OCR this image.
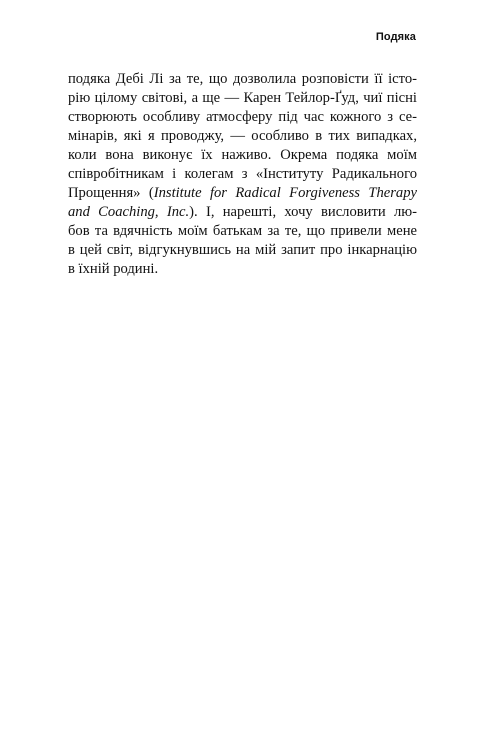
Подяка
подяка Дебі Лі за те, що дозволила розповісти її істо-
рію цілому світові, а ще — Карен Тейлор-Ґуд, чиї пісні
створюють особливу атмосферу під час кожного з се-
мінарів, які я проводжу, — особливо в тих випадках,
коли вона виконує їх наживо. Окрема подяка моїм
співробітникам і колегам з «Інституту Радикального
Прощення» (Institute for Radical Forgiveness Therapy
and Coaching, Inc.). І, нарешті, хочу висловити лю-
бов та вдячність моїм батькам за те, що привели мене
в цей світ, відгукнувшись на мій запит про інкарнацію
в їхній родині.
